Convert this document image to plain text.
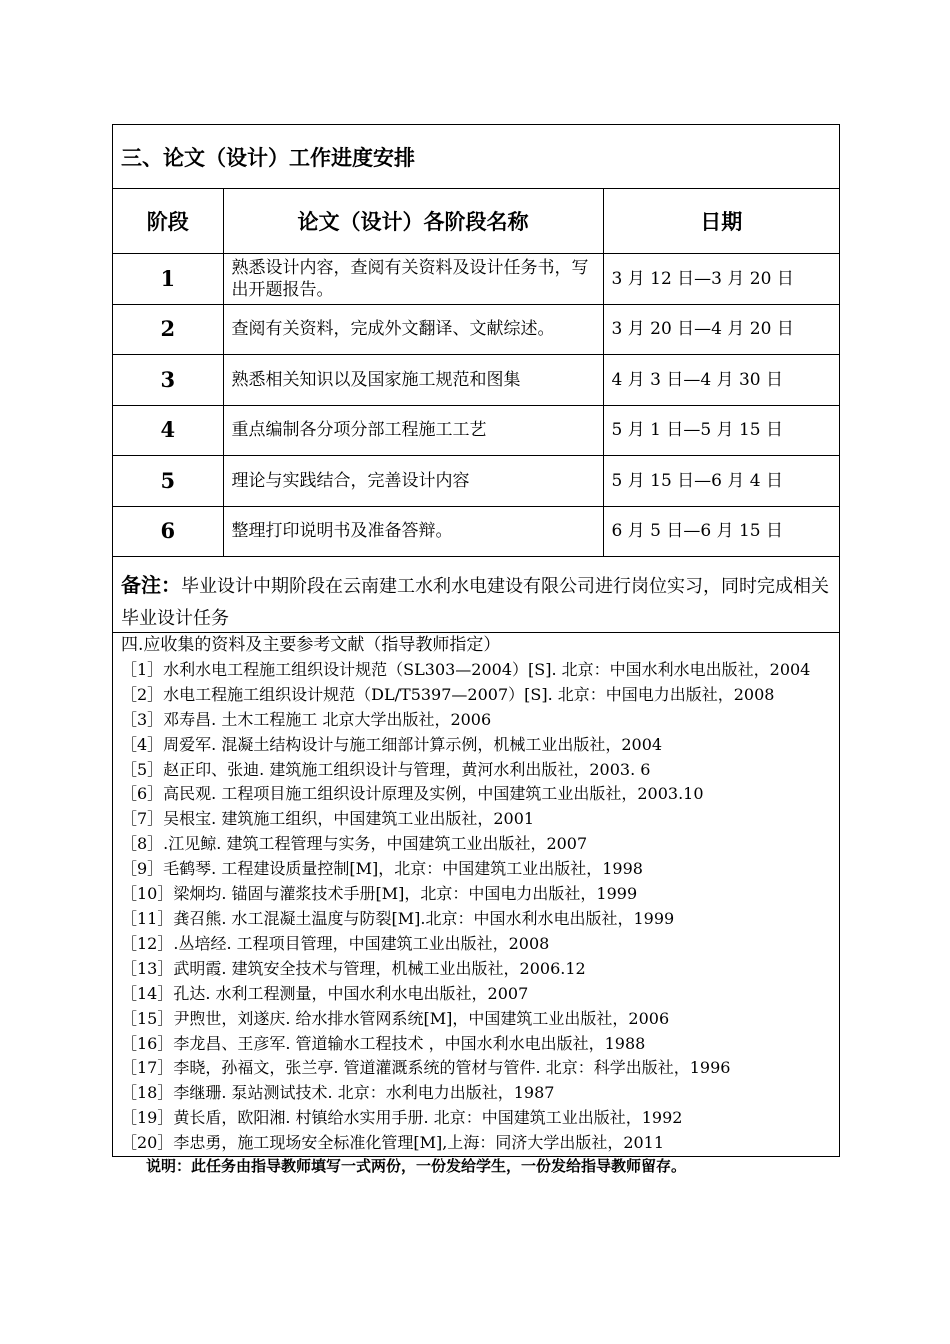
三、论文（设计）工作进度安排
阶段	论文（设计）各阶段名称	日期
1	熟悉设计内容，查阅有关资料及设计任务书，写出开题报告。	3 月 12 日—3 月 20 日
2	查阅有关资料，完成外文翻译、文献综述。	3 月 20 日—4 月 20 日
3	熟悉相关知识以及国家施工规范和图集	4 月 3 日—4 月 30 日
4	重点编制各分项分部工程施工工艺	5 月 1 日—5 月 15 日
5	理论与实践结合，完善设计内容	5 月 15 日—6 月 4 日
6	整理打印说明书及准备答辩。	6 月 5 日—6 月 15 日
备注：毕业设计中期阶段在云南建工水利水电建设有限公司进行岗位实习，同时完成相关毕业设计任务
四.应收集的资料及主要参考文献（指导教师指定）
［1］水利水电工程施工组织设计规范（SL303—2004）[S]. 北京：中国水利水电出版社，2004
［2］水电工程施工组织设计规范（DL/T5397—2007）[S]. 北京：中国电力出版社，2008
［3］邓寿昌. 土木工程施工 北京大学出版社，2006
［4］周爱军. 混凝土结构设计与施工细部计算示例，机械工业出版社，2004
［5］赵正印、张迪. 建筑施工组织设计与管理，黄河水利出版社，2003. 6
［6］高民观. 工程项目施工组织设计原理及实例，中国建筑工业出版社，2003.10
［7］吴根宝. 建筑施工组织，中国建筑工业出版社，2001
［8］.江见鲸. 建筑工程管理与实务，中国建筑工业出版社，2007
［9］毛鹤琴. 工程建设质量控制[M]，北京：中国建筑工业出版社，1998
［10］梁炯均. 锚固与灌浆技术手册[M]，北京：中国电力出版社，1999
［11］龚召熊. 水工混凝土温度与防裂[M].北京：中国水利水电出版社，1999
［12］.丛培经. 工程项目管理，中国建筑工业出版社，2008
［13］武明霞. 建筑安全技术与管理，机械工业出版社，2006.12
［14］孔达. 水利工程测量，中国水利水电出版社，2007
［15］尹煦世，刘遂庆. 给水排水管网系统[M]，中国建筑工业出版社，2006
［16］李龙昌、王彦军. 管道输水工程技术 ，中国水利水电出版社，1988
［17］李晓，孙福文，张兰亭. 管道灌溉系统的管材与管件. 北京：科学出版社，1996
［18］李继珊. 泵站测试技术. 北京：水利电力出版社，1987
［19］黄长盾，欧阳湘. 村镇给水实用手册. 北京：中国建筑工业出版社，1992
［20］李忠勇，施工现场安全标准化管理[M],上海：同济大学出版社，2011
说明：此任务由指导教师填写一式两份，一份发给学生，一份发给指导教师留存。
